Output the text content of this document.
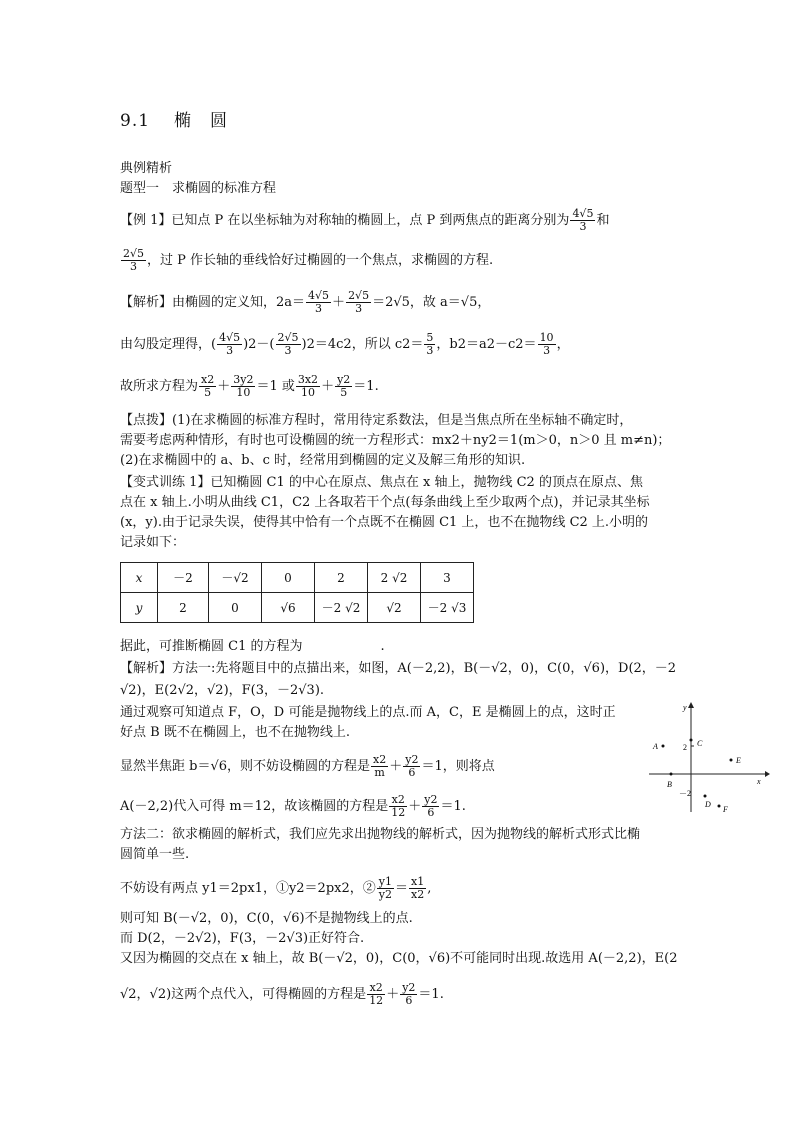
9.1 椭 圆
典例精析
题型一　求椭圆的标准方程
【例 1】已知点 P 在以坐标轴为对称轴的椭圆上，点 P 到两焦点的距离分别为 $\frac{4√5}{3}$ 和
$\frac{2√5}{3}$ ，过 P 作长轴的垂线恰好过椭圆的一个焦点，求椭圆的方程.
【解析】由椭圆的定义知，$2a= \frac{4√5}{3} + \frac{2√5}{3} =2√5$，故 a＝√5，
由勾股定理得，( $\frac{4√5}{3} )2-( \frac{2√5}{3} )2=4c2$，所以 $c2= \frac{5}{3}$ ，$b2=a2-c2= \frac{10}{3}$ ，
故所求方程为 $\frac{x2}{5} + \frac{3y2}{10} =1$ 或 $\frac{3x2}{10} + \frac{y2}{5} =1$.
【点拨】(1)在求椭圆的标准方程时，常用待定系数法，但是当焦点所在坐标轴不确定时，
需要考虑两种情形，有时也可设椭圆的统一方程形式：mx2＋ny2＝1(m＞0，n＞0 且 m≠n)；
(2)在求椭圆中的 a、b、c 时，经常用到椭圆的定义及解三角形的知识.
【变式训练 1】已知椭圆 C1 的中心在原点、焦点在 x 轴上，抛物线 C2 的顶点在原点、焦
点在 x 轴上.小明从曲线 C1，C2 上各取若干个点(每条曲线上至少取两个点)，并记录其坐标
(x，y).由于记录失误，使得其中恰有一个点既不在椭圆 C1 上，也不在抛物线 C2 上.小明的
记录如下：
x	－2	－√2	0	2	2 √2	3
y	2	0	√6	－2 √2	√2	－2 √3
据此，可推断椭圆 C1 的方程为　　　　　　.
【解析】方法一:先将题目中的点描出来，如图，A(－2,2)，B(－√2，0)，C(0，√6)，D(2，－2
√2)，E(2√2，√2)，F(3，－2√3).
通过观察可知道点 F，O，D 可能是抛物线上的点.而 A，C，E 是椭圆上的点，这时正
好点 B 既不在椭圆上，也不在抛物线上.
显然半焦距 b＝√6，则不妨设椭圆的方程是 $\frac{x2}{m} + \frac{y2}{6} =1$，则将点
A(－2,2)代入可得 m＝12，故该椭圆的方程是 $\frac{x2}{12} + \frac{y2}{6} =1$.
方法二：欲求椭圆的解析式，我们应先求出抛物线的解析式，因为抛物线的解析式形式比椭
圆简单一些.
不妨设有两点 y1＝2px1，①y2＝2px2，② $\frac{y1}{y2} = \frac{x1}{x2}$ ,
则可知 B(－√2，0)，C(0，√6)不是抛物线上的点.
而 D(2，－2√2)，F(3，－2√3)正好符合.
又因为椭圆的交点在 x 轴上，故 B(－√2，0)，C(0，√6)不可能同时出现.故选用 A(－2,2)，E(2
√2，√2)这两个点代入，可得椭圆的方程是 $\frac{x2}{12} + \frac{y2}{6} =1$.
x
y
2
－2
A
B
C
D
E
F
